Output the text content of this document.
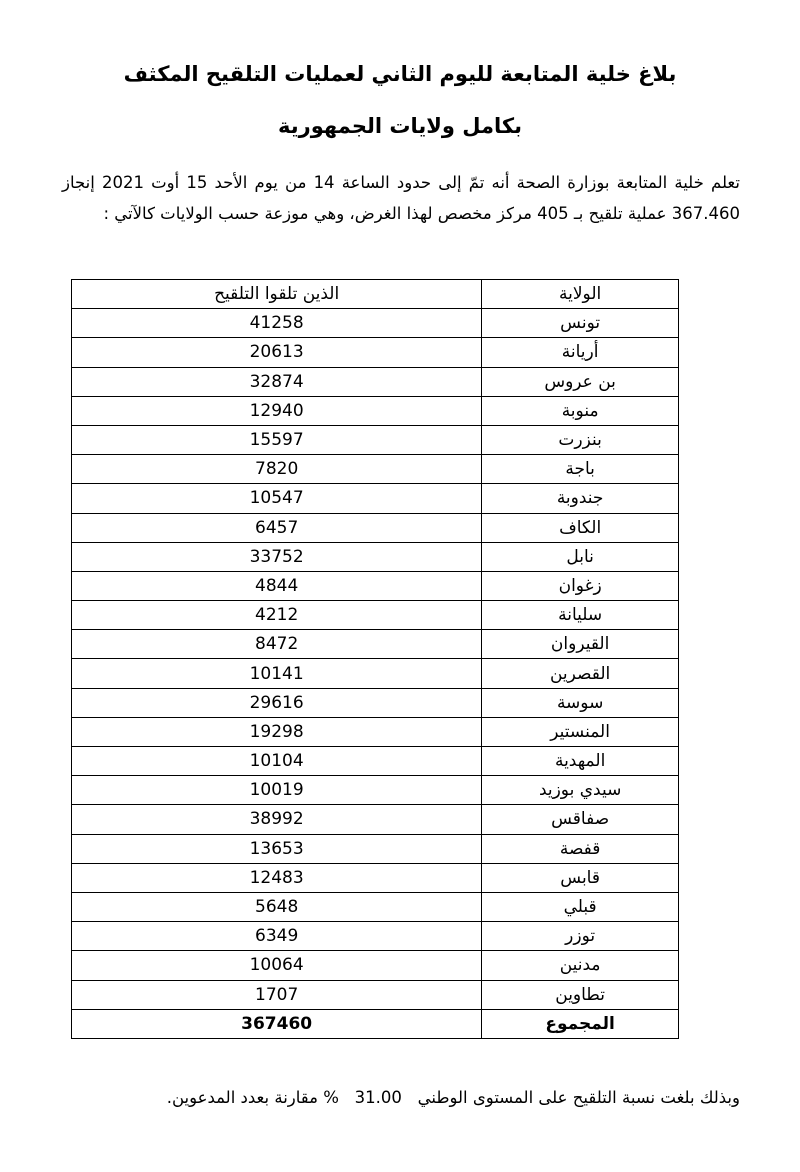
بلاغ خلية المتابعة لليوم الثاني لعمليات التلقيح المكثف
بكامل ولايات الجمهورية

تعلم خلية المتابعة بوزارة الصحة أنه تمّ إلى حدود الساعة 14 من يوم الأحد 15 أوت 2021 إنجاز 367.460 عملية تلقيح بـ 405 مركز مخصص لهذا الغرض، وهي موزعة حسب الولايات كالآتي :

الذين تلقوا التلقيح	الولاية
41258	تونس
20613	أريانة
32874	بن عروس
12940	منوبة
15597	بنزرت
7820	باجة
10547	جندوبة
6457	الكاف
33752	نابل
4844	زغوان
4212	سليانة
8472	القيروان
10141	القصرين
29616	سوسة
19298	المنستير
10104	المهدية
10019	سيدي بوزيد
38992	صفاقس
13653	قفصة
12483	قابس
5648	قبلي
6349	توزر
10064	مدنين
1707	تطاوين
367460	المجموع

وبذلك بلغت نسبة التلقيح على المستوى الوطني   31.00   % مقارنة بعدد المدعوين.
